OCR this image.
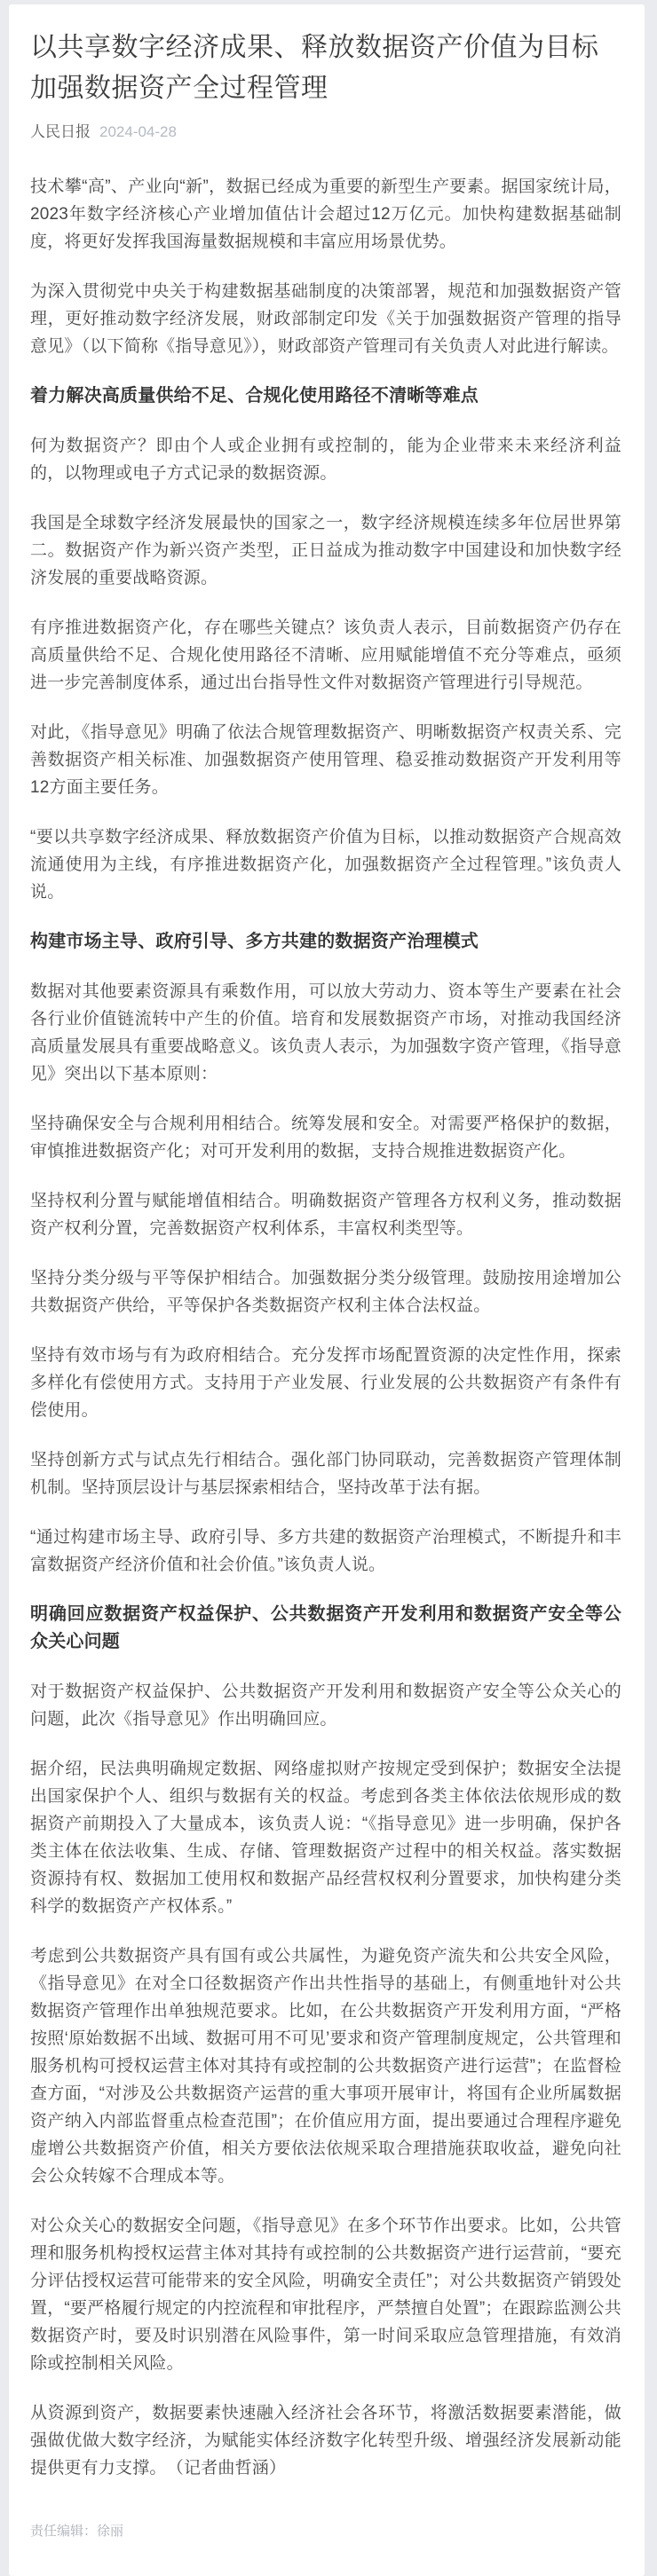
以共享数字经济成果、释放数据资产价值为目标 加强数据资产全过程管理
人民日报 2024-04-28

技术攀“高”、产业向“新”，数据已经成为重要的新型生产要素。据国家统计局，2023年数字经济核心产业增加值估计会超过12万亿元。加快构建数据基础制度，将更好发挥我国海量数据规模和丰富应用场景优势。

为深入贯彻党中央关于构建数据基础制度的决策部署，规范和加强数据资产管理，更好推动数字经济发展，财政部制定印发《关于加强数据资产管理的指导意见》（以下简称《指导意见》），财政部资产管理司有关负责人对此进行解读。

着力解决高质量供给不足、合规化使用路径不清晰等难点

何为数据资产？即由个人或企业拥有或控制的，能为企业带来未来经济利益的，以物理或电子方式记录的数据资源。

我国是全球数字经济发展最快的国家之一，数字经济规模连续多年位居世界第二。数据资产作为新兴资产类型，正日益成为推动数字中国建设和加快数字经济发展的重要战略资源。

有序推进数据资产化，存在哪些关键点？该负责人表示，目前数据资产仍存在高质量供给不足、合规化使用路径不清晰、应用赋能增值不充分等难点，亟须进一步完善制度体系，通过出台指导性文件对数据资产管理进行引导规范。

对此，《指导意见》明确了依法合规管理数据资产、明晰数据资产权责关系、完善数据资产相关标准、加强数据资产使用管理、稳妥推动数据资产开发利用等12方面主要任务。

“要以共享数字经济成果、释放数据资产价值为目标，以推动数据资产合规高效流通使用为主线，有序推进数据资产化，加强数据资产全过程管理。”该负责人说。

构建市场主导、政府引导、多方共建的数据资产治理模式

数据对其他要素资源具有乘数作用，可以放大劳动力、资本等生产要素在社会各行业价值链流转中产生的价值。培育和发展数据资产市场，对推动我国经济高质量发展具有重要战略意义。该负责人表示，为加强数字资产管理，《指导意见》突出以下基本原则：

坚持确保安全与合规利用相结合。统筹发展和安全。对需要严格保护的数据，审慎推进数据资产化；对可开发利用的数据，支持合规推进数据资产化。

坚持权利分置与赋能增值相结合。明确数据资产管理各方权利义务，推动数据资产权利分置，完善数据资产权利体系，丰富权利类型等。

坚持分类分级与平等保护相结合。加强数据分类分级管理。鼓励按用途增加公共数据资产供给，平等保护各类数据资产权利主体合法权益。

坚持有效市场与有为政府相结合。充分发挥市场配置资源的决定性作用，探索多样化有偿使用方式。支持用于产业发展、行业发展的公共数据资产有条件有偿使用。

坚持创新方式与试点先行相结合。强化部门协同联动，完善数据资产管理体制机制。坚持顶层设计与基层探索相结合，坚持改革于法有据。

“通过构建市场主导、政府引导、多方共建的数据资产治理模式，不断提升和丰富数据资产经济价值和社会价值。”该负责人说。

明确回应数据资产权益保护、公共数据资产开发利用和数据资产安全等公众关心问题

对于数据资产权益保护、公共数据资产开发利用和数据资产安全等公众关心的问题，此次《指导意见》作出明确回应。

据介绍，民法典明确规定数据、网络虚拟财产按规定受到保护；数据安全法提出国家保护个人、组织与数据有关的权益。考虑到各类主体依法依规形成的数据资产前期投入了大量成本，该负责人说：“《指导意见》进一步明确，保护各类主体在依法收集、生成、存储、管理数据资产过程中的相关权益。落实数据资源持有权、数据加工使用权和数据产品经营权权利分置要求，加快构建分类科学的数据资产产权体系。”

考虑到公共数据资产具有国有或公共属性，为避免资产流失和公共安全风险，《指导意见》在对全口径数据资产作出共性指导的基础上，有侧重地针对公共数据资产管理作出单独规范要求。比如，在公共数据资产开发利用方面，“严格按照‘原始数据不出域、数据可用不可见’要求和资产管理制度规定，公共管理和服务机构可授权运营主体对其持有或控制的公共数据资产进行运营”；在监督检查方面，“对涉及公共数据资产运营的重大事项开展审计，将国有企业所属数据资产纳入内部监督重点检查范围”；在价值应用方面，提出要通过合理程序避免虚增公共数据资产价值，相关方要依法依规采取合理措施获取收益，避免向社会公众转嫁不合理成本等。

对公众关心的数据安全问题，《指导意见》在多个环节作出要求。比如，公共管理和服务机构授权运营主体对其持有或控制的公共数据资产进行运营前，“要充分评估授权运营可能带来的安全风险，明确安全责任”；对公共数据资产销毁处置，“要严格履行规定的内控流程和审批程序，严禁擅自处置”；在跟踪监测公共数据资产时，要及时识别潜在风险事件，第一时间采取应急管理措施，有效消除或控制相关风险。

从资源到资产，数据要素快速融入经济社会各环节，将激活数据要素潜能，做强做优做大数字经济，为赋能实体经济数字化转型升级、增强经济发展新动能提供更有力支撑。　（记者曲哲涵）

责任编辑：徐丽
